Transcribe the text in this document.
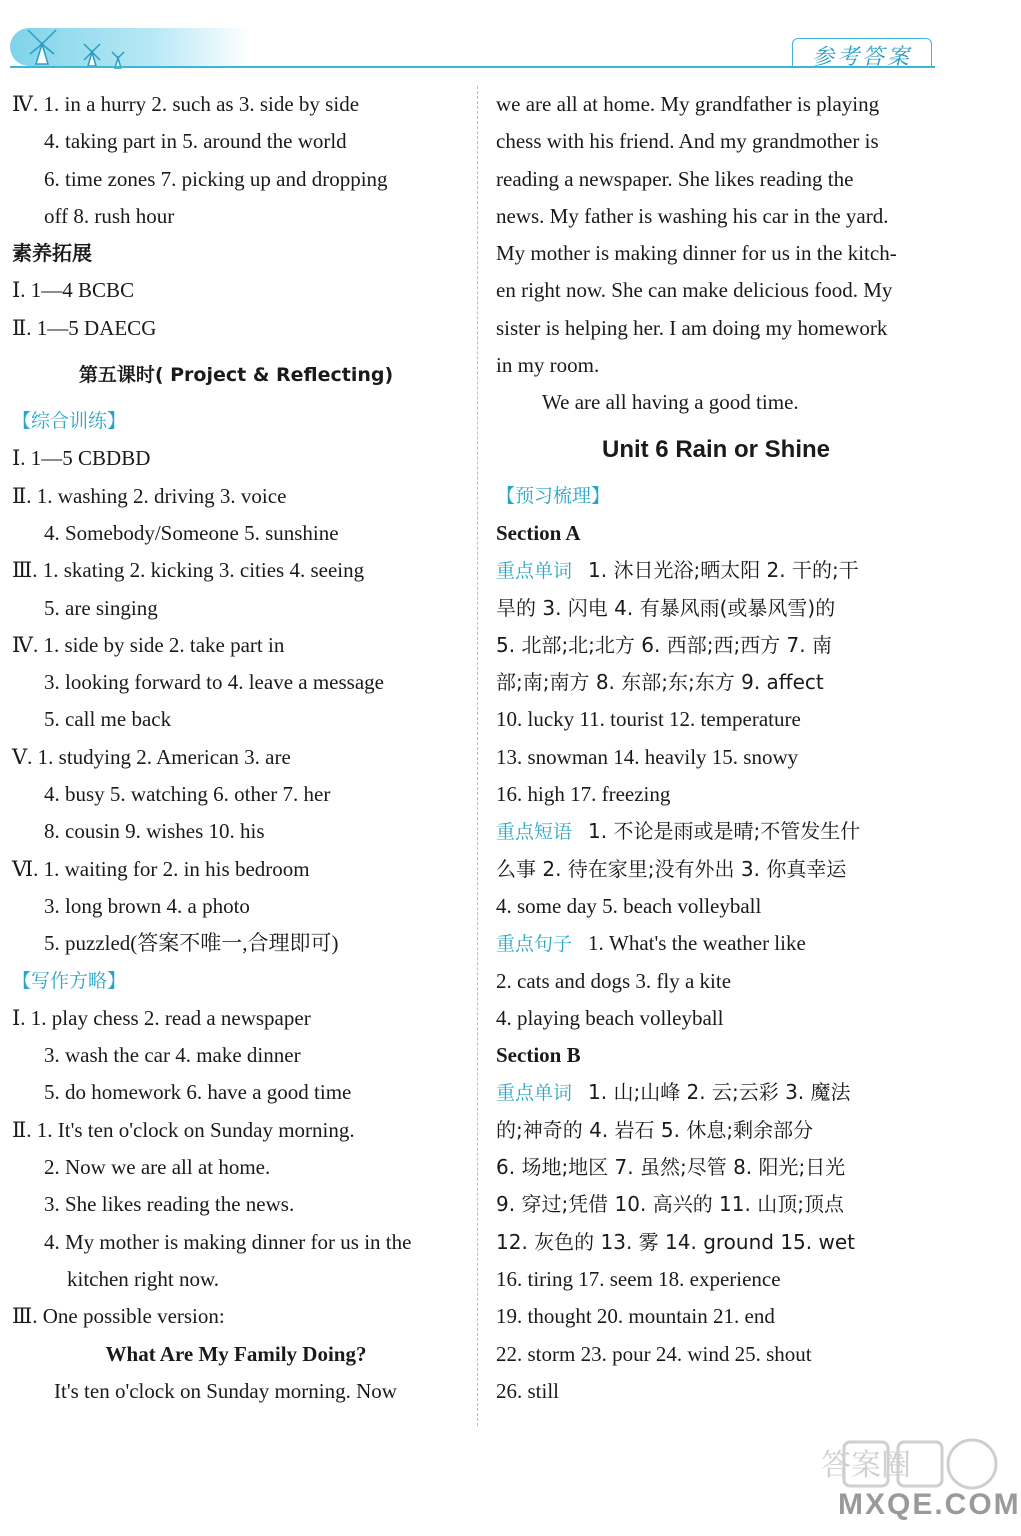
参考答案
Ⅳ. 1. in a hurry 2. such as 3. side by side
4. taking part in 5. around the world
6. time zones 7. picking up and dropping
off 8. rush hour
素养拓展
Ⅰ. 1—4 BCBC
Ⅱ. 1—5 DAECG
第五课时( Project & Reflecting)
【综合训练】
Ⅰ. 1—5 CBDBD
Ⅱ. 1. washing 2. driving 3. voice
4. Somebody/Someone 5. sunshine
Ⅲ. 1. skating 2. kicking 3. cities 4. seeing
5. are singing
Ⅳ. 1. side by side 2. take part in
3. looking forward to 4. leave a message
5. call me back
Ⅴ. 1. studying 2. American 3. are
4. busy 5. watching 6. other 7. her
8. cousin 9. wishes 10. his
Ⅵ. 1. waiting for 2. in his bedroom
3. long brown 4. a photo
5. puzzled(答案不唯一,合理即可)
【写作方略】
Ⅰ. 1. play chess 2. read a newspaper
3. wash the car 4. make dinner
5. do homework 6. have a good time
Ⅱ. 1. It's ten o'clock on Sunday morning.
2. Now we are all at home.
3. She likes reading the news.
4. My mother is making dinner for us in the
kitchen right now.
Ⅲ. One possible version:
What Are My Family Doing?
It's ten o'clock on Sunday morning. Now
we are all at home. My grandfather is playing
chess with his friend. And my grandmother is
reading a newspaper. She likes reading the
news. My father is washing his car in the yard.
My mother is making dinner for us in the kitch-
en right now. She can make delicious food. My
sister is helping her. I am doing my homework
in my room.
We are all having a good time.
Unit 6 Rain or Shine
【预习梳理】
Section A
重点单词 1. 沐日光浴;晒太阳 2. 干的;干
旱的 3. 闪电 4. 有暴风雨(或暴风雪)的
5. 北部;北;北方 6. 西部;西;西方 7. 南
部;南;南方 8. 东部;东;东方 9. affect
10. lucky 11. tourist 12. temperature
13. snowman 14. heavily 15. snowy
16. high 17. freezing
重点短语 1. 不论是雨或是晴;不管发生什
么事 2. 待在家里;没有外出 3. 你真幸运
4. some day 5. beach volleyball
重点句子 1. What's the weather like
2. cats and dogs 3. fly a kite
4. playing beach volleyball
Section B
重点单词 1. 山;山峰 2. 云;云彩 3. 魔法
的;神奇的 4. 岩石 5. 休息;剩余部分
6. 场地;地区 7. 虽然;尽管 8. 阳光;日光
9. 穿过;凭借 10. 高兴的 11. 山顶;顶点
12. 灰色的 13. 雾 14. ground 15. wet
16. tiring 17. seem 18. experience
19. thought 20. mountain 21. end
22. storm 23. pour 24. wind 25. shout
26. still
答案圈
MXQE.COM
